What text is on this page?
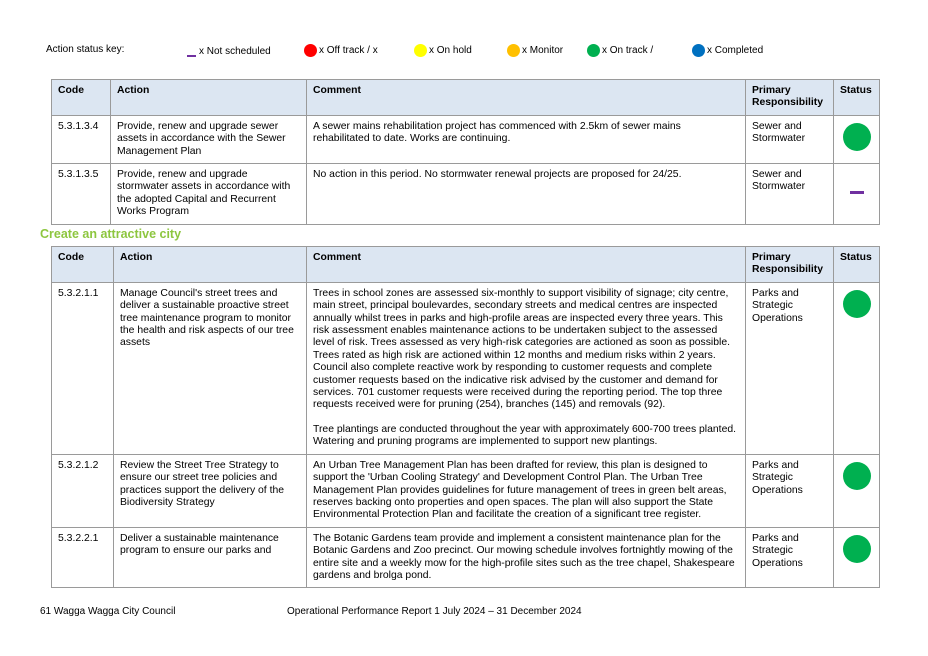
Action status key:	x Not scheduled	x Off track / x	x On hold	x Monitor	x On track /	x Completed
Code	Action	Comment	Primary Responsibility	Status
5.3.1.3.4	Provide, renew and upgrade sewer assets in accordance with the Sewer Management Plan	A sewer mains rehabilitation project has commenced with 2.5km of sewer mains rehabilitated to date. Works are continuing.	Sewer and Stormwater	

5.3.1.3.5	Provide, renew and upgrade stormwater assets in accordance with the adopted Capital and Recurrent Works Program	No action in this period. No stormwater renewal projects are proposed for 24/25.	Sewer and Stormwater	
Create an attractive city
Code	Action	Comment	Primary Responsibility	Status
5.3.2.1.1	Manage Council's street trees and deliver a sustainable proactive street tree maintenance program to monitor the health and risk aspects of our tree assets	Trees in school zones are assessed six-monthly to support visibility of signage; city centre, main street, principal boulevardes, secondary streets and medical centres are inspected annually whilst trees in parks and high-profile areas are inspected every three years. This risk assessment enables maintenance actions to be undertaken subject to the assessed level of risk. Trees assessed as very high-risk categories are actioned as soon as possible. Trees rated as high risk are actioned within 12 months and medium risks within 2 years. Council also complete reactive work by responding to customer requests and complete customer requests based on the indicative risk advised by the customer and demand for services. 701 customer requests were received during the reporting period. The top three requests received were for pruning (254), branches (145) and removals (92).

Tree plantings are conducted throughout the year with approximately 600-700 trees planted. Watering and pruning programs are implemented to support new plantings.	Parks and Strategic Operations	

5.3.2.1.2	Review the Street Tree Strategy to ensure our street tree policies and practices support the delivery of the Biodiversity Strategy	An Urban Tree Management Plan has been drafted for review, this plan is designed to support the 'Urban Cooling Strategy' and Development Control Plan. The Urban Tree Management Plan provides guidelines for future management of trees in green belt areas, reserves backing onto properties and open spaces. The plan will also support the State Environmental Protection Plan and facilitate the creation of a significant tree register.	Parks and Strategic Operations	

5.3.2.2.1	Deliver a sustainable maintenance program to ensure our parks and	The Botanic Gardens team provide and implement a consistent maintenance plan for the Botanic Gardens and Zoo precinct. Our mowing schedule involves fortnightly mowing of the entire site and a weekly mow for the high-profile sites such as the tree chapel, Shakespeare gardens and brolga pond.	Parks and Strategic Operations	
61 Wagga Wagga City Council	Operational Performance Report 1 July 2024 – 31 December 2024
